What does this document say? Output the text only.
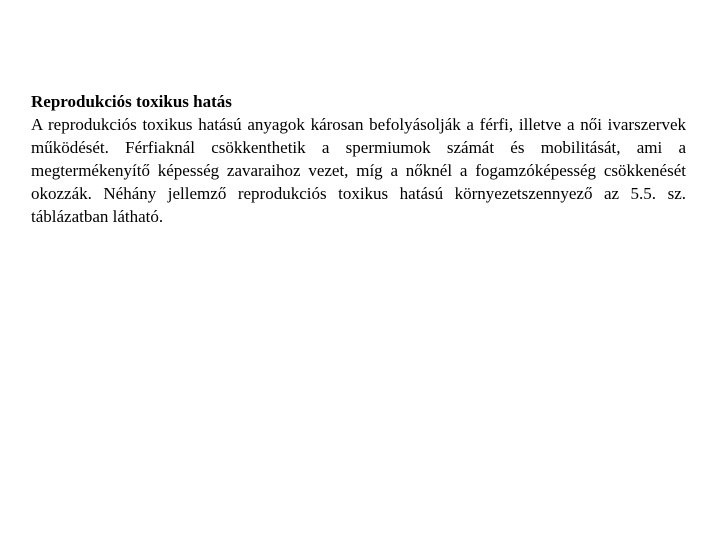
Reprodukciós toxikus hatás

A reprodukciós toxikus hatású anyagok károsan befolyásolják a férfi, illetve a női ivarszervek működését. Férfiaknál csökkenthetik a spermiumok számát és mobilitását, ami a megtermékenyítő képesség zavaraihoz vezet, míg a nőknél a fogamzóképesség csökkenését okozzák. Néhány jellemző reprodukciós toxikus hatású környezetszennyező az 5.5. sz. táblázatban látható.
